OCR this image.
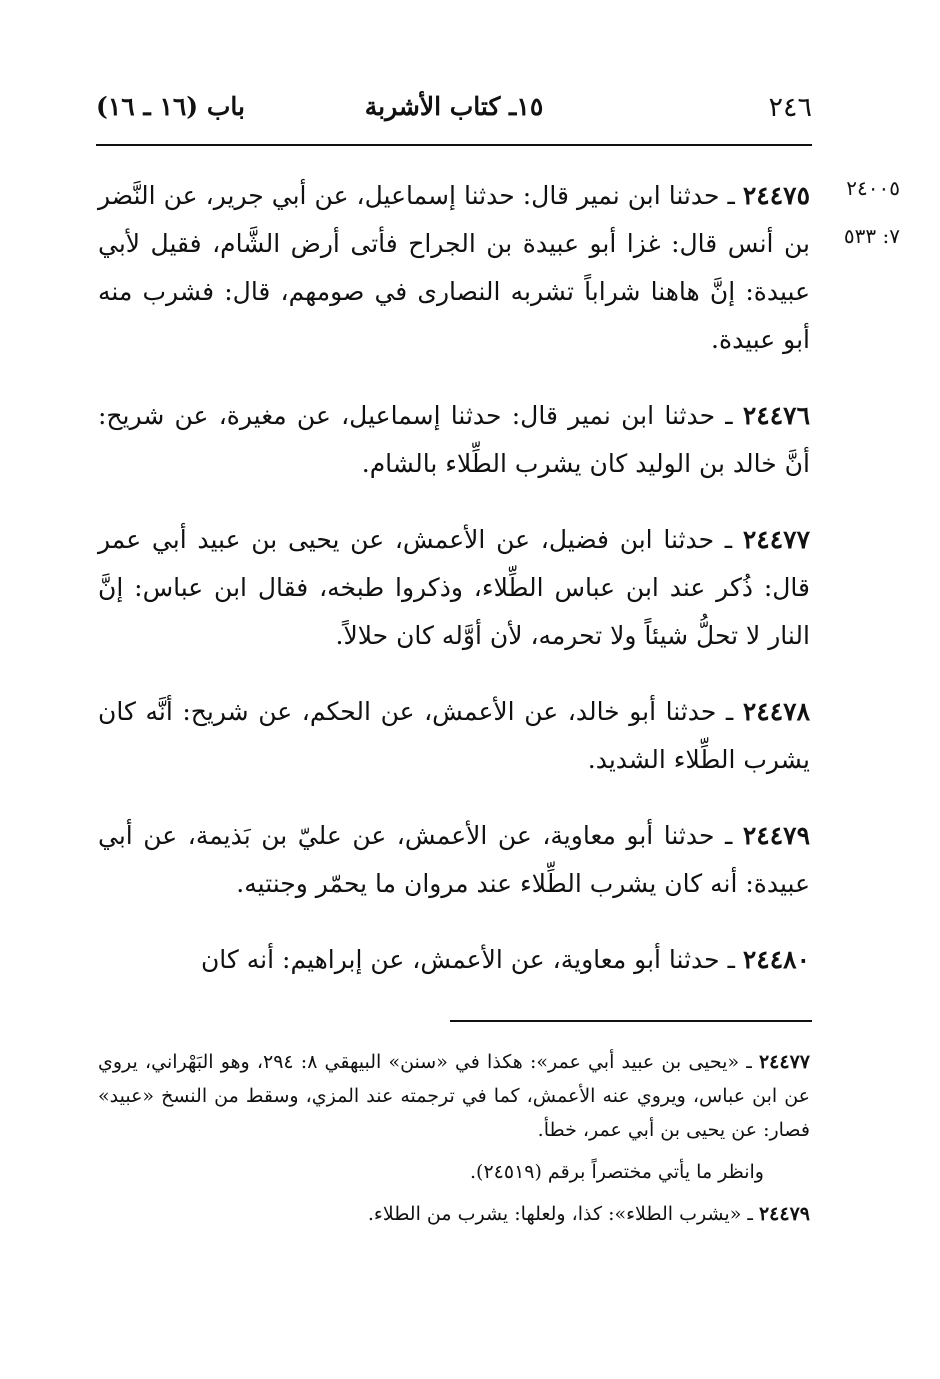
٢٤٦
١٥ـ كتاب الأشربة
باب (١٦ ـ ١٦)
٢٤٠٠٥
٧: ٥٣٣

٢٤٤٧٥ ـ حدثنا ابن نمير قال: حدثنا إسماعيل، عن أبي جرير، عن النَّضر بن أنس قال: غزا أبو عبيدة بن الجراح فأتى أرض الشَّام، فقيل لأبي عبيدة: إنَّ هاهنا شراباً تشربه النصارى في صومهم، قال: فشرب منه أبو عبيدة.

٢٤٤٧٦ ـ حدثنا ابن نمير قال: حدثنا إسماعيل، عن مغيرة، عن شريح: أنَّ خالد بن الوليد كان يشرب الطِّلاء بالشام.

٢٤٤٧٧ ـ حدثنا ابن فضيل، عن الأعمش، عن يحيى بن عبيد أبي عمر قال: ذُكر عند ابن عباس الطِّلاء، وذكروا طبخه، فقال ابن عباس: إنَّ النار لا تحلُّ شيئاً ولا تحرمه، لأن أوَّله كان حلالاً.

٢٤٤٧٨ ـ حدثنا أبو خالد، عن الأعمش، عن الحكم، عن شريح: أنَّه كان يشرب الطِّلاء الشديد.

٢٤٤٧٩ ـ حدثنا أبو معاوية، عن الأعمش، عن عليّ بن بَذيمة، عن أبي عبيدة: أنه كان يشرب الطِّلاء عند مروان ما يحمّر وجنتيه.

٢٤٤٨٠ ـ حدثنا أبو معاوية، عن الأعمش، عن إبراهيم: أنه كان

٢٤٤٧٧ ـ «يحيى بن عبيد أبي عمر»: هكذا في «سنن» البيهقي ٨: ٢٩٤، وهو البَهْراني، يروي عن ابن عباس، ويروي عنه الأعمش، كما في ترجمته عند المزي، وسقط من النسخ «عبيد» فصار: عن يحيى بن أبي عمر، خطأ.
وانظر ما يأتي مختصراً برقم (٢٤٥١٩).
٢٤٤٧٩ ـ «يشرب الطلاء»: كذا، ولعلها: يشرب من الطلاء.
